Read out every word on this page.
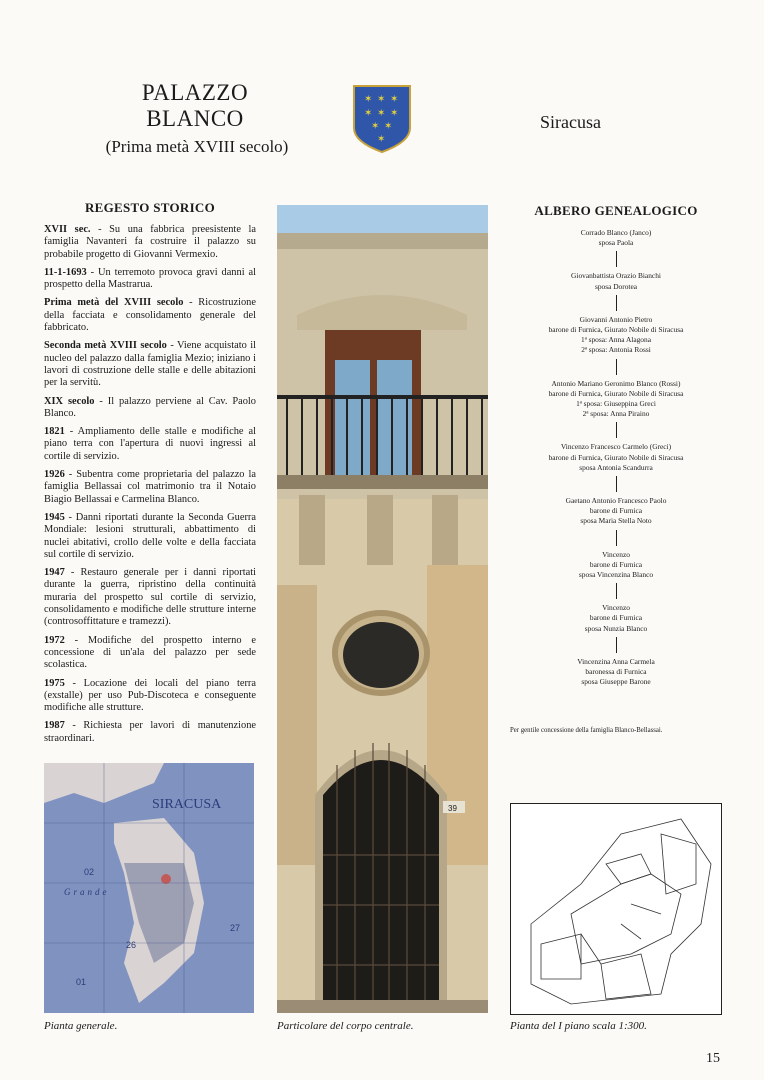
PALAZZO
BLANCO
(Prima metà XVIII secolo)
✶ ✶ ✶
✶ ✶ ✶
✶ ✶
✶
Siracusa
REGESTO STORICO

XVII sec. - Su una fabbrica preesistente la famiglia Navanteri fa costruire il palazzo su probabile progetto di Giovanni Vermexio.

11-1-1693 - Un terremoto provoca gravi danni al prospetto della Mastrarua.

Prima metà del XVIII secolo - Ricostruzione della facciata e consolidamento generale del fabbricato.

Seconda metà XVIII secolo - Viene acquistato il nucleo del palazzo dalla famiglia Mezio; iniziano i lavori di costruzione delle stalle e delle abitazioni per la servitù.

XIX secolo - Il palazzo perviene al Cav. Paolo Blanco.

1821 - Ampliamento delle stalle e modifiche al piano terra con l'apertura di nuovi ingressi al cortile di servizio.

1926 - Subentra come proprietaria del palazzo la famiglia Bellassai col matrimonio tra il Notaio Biagio Bellassai e Carmelina Blanco.

1945 - Danni riportati durante la Seconda Guerra Mondiale: lesioni strutturali, abbattimento di nuclei abitativi, crollo delle volte e della facciata sul cortile di servizio.

1947 - Restauro generale per i danni riportati durante la guerra, ripristino della continuità muraria del prospetto sul cortile di servizio, consolidamento e modifiche delle strutture interne (controsoffittature e tramezzi).

1972 - Modifiche del prospetto interno e concessione di un'ala del palazzo per sede scolastica.

1975 - Locazione dei locali del piano terra (exstalle) per uso Pub-Discoteca e conseguente modifiche alle strutture.

1987 - Richiesta per lavori di manutenzione straordinari.

ALBERO GENEALOGICO
Corrado Blanco (Janco)
sposa Paola
Giovanbattista Orazio Bianchi
sposa Dorotea
Giovanni Antonio Pietro
barone di Furnica, Giurato Nobile di Siracusa
1ª sposa: Anna Alagona
2ª sposa: Antonia Rossi
Antonio Mariano Geronimo Blanco (Rossi)
barone di Furnica, Giurato Nobile di Siracusa
1ª sposa: Giuseppina Greci
2ª sposa: Anna Piraino
Vincenzo Francesco Carmelo (Greci)
barone di Furnica, Giurato Nobile di Siracusa
sposa Antonia Scandurra
Gaetano Antonio Francesco Paolo
barone di Furnica
sposa Maria Stella Noto
Vincenzo
barone di Furnica
sposa Vincenzina Blanco
Vincenzo
barone di Furnica
sposa Nunzia Blanco
Vincenzina Anna Carmela
baronessa di Furnica
sposa Giuseppe Barone
Per gentile concessione della famiglia Blanco-Bellassai.
39
SIRACUSA
02
26
27
01
Grande
Pianta generale.	Particolare del corpo centrale.	Pianta del I piano scala 1:300.
15
